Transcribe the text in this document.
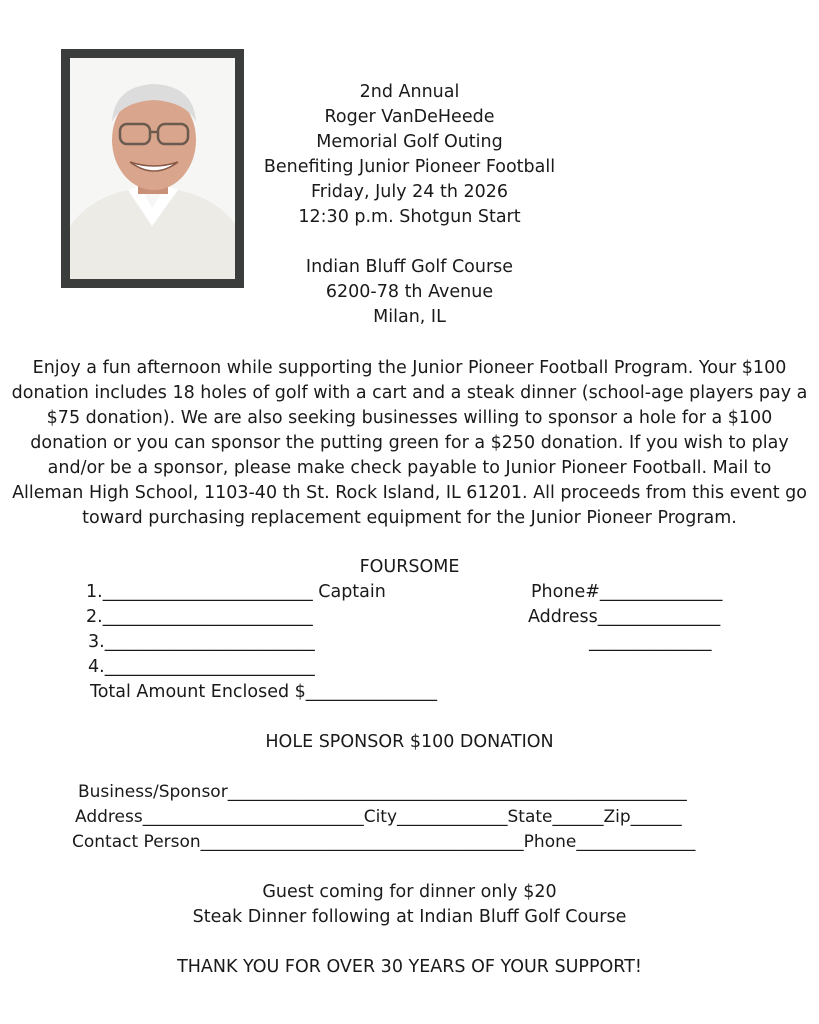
2nd Annual
Roger VanDeHeede
Memorial Golf Outing
Benefiting Junior Pioneer Football
Friday, July 24 th 2026
12:30 p.m. Shotgun Start
Indian Bluff Golf Course
6200-78 th Avenue
Milan, IL

Enjoy a fun afternoon while supporting the Junior Pioneer Football Program. Your $100 donation includes 18 holes of golf with a cart and a steak dinner (school-age players pay a $75 donation). We are also seeking businesses willing to sponsor a hole for a $100 donation or you can sponsor the putting green for a $250 donation. If you wish to play and/or be a sponsor, please make check payable to Junior Pioneer Football. Mail to Alleman High School, 1103-40 th St. Rock Island, IL 61201. All proceeds from this event go toward purchasing replacement equipment for the Junior Pioneer Program.

FOURSOME
1.________________________ Captain
2.________________________
3.________________________
4.________________________
Phone#______________
Address______________
______________
Total Amount Enclosed $_______________
HOLE SPONSOR $100 DONATION
Business/Sponsor______________________________________________________
Address__________________________City_____________State______Zip______
Contact Person______________________________________Phone______________
Guest coming for dinner only $20
Steak Dinner following at Indian Bluff Golf Course
THANK YOU FOR OVER 30 YEARS OF YOUR SUPPORT!
